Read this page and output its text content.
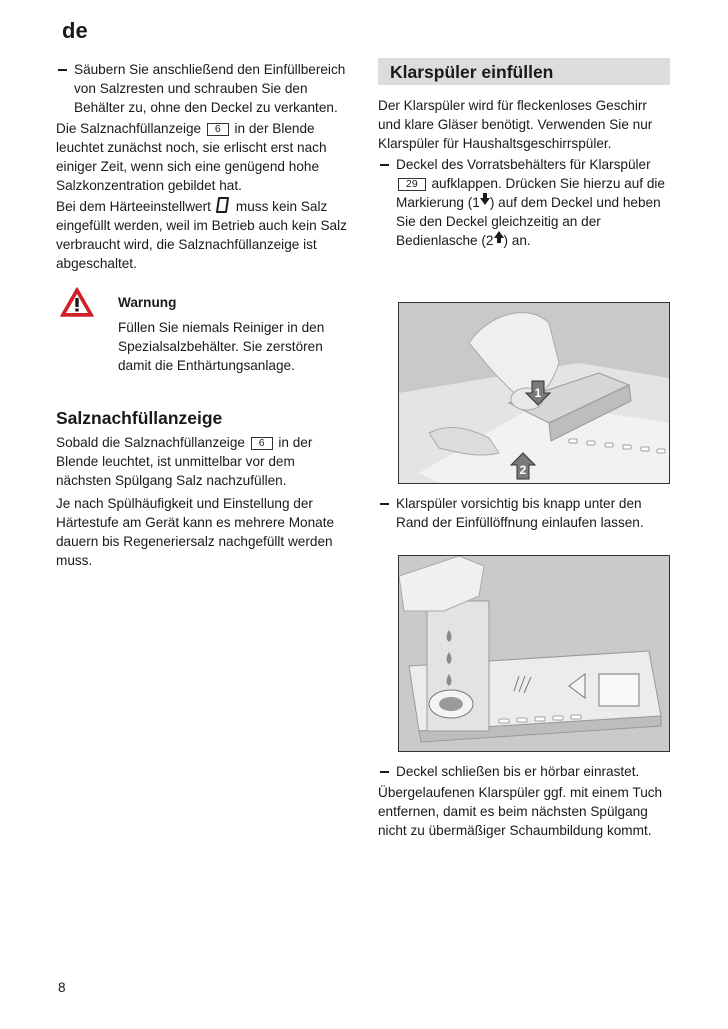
de

Säubern Sie anschließend den Einfüllbereich von Salzresten und schrauben Sie den Behälter zu, ohne den Deckel zu verkanten.

Die Salznachfüllanzeige 6 in der Blende leuchtet zunächst noch, sie erlischt erst nach einiger Zeit, wenn sich eine genügend hohe Salzkonzentration gebildet hat.

Bei dem Härteeinstellwert muss kein Salz eingefüllt werden, weil im Betrieb auch kein Salz verbraucht wird, die Salznachfüllanzeige ist abgeschaltet.

Warnung
Füllen Sie niemals Reiniger in den Spezialsalzbehälter. Sie zerstören damit die Enthärtungsanlage.
Salznachfüllanzeige

Sobald die Salznachfüllanzeige 6 in der Blende leuchtet, ist unmittelbar vor dem nächsten Spülgang Salz nachzufüllen.

Je nach Spülhäufigkeit und Einstellung der Härtestufe am Gerät kann es mehrere Monate dauern bis Regeneriersalz nachgefüllt werden muss.

Klarspüler einfüllen

Der Klarspüler wird für fleckenloses Geschirr und klare Gläser benötigt. Verwenden Sie nur Klarspüler für Haushaltsgeschirrspüler.

Deckel des Vorratsbehälters für Klarspüler 29 aufklappen. Drücken Sie hierzu auf die Markierung (1 ) auf dem Deckel und heben Sie den Deckel gleichzeitig an der Bedienlasche (2 ) an.

1
2

Klarspüler vorsichtig bis knapp unter den Rand der Einfüllöffnung einlaufen lassen.

Deckel schließen bis er hörbar einrastet.

Übergelaufenen Klarspüler ggf. mit einem Tuch entfernen, damit es beim nächsten Spülgang nicht zu übermäßiger Schaumbildung kommt.

8
